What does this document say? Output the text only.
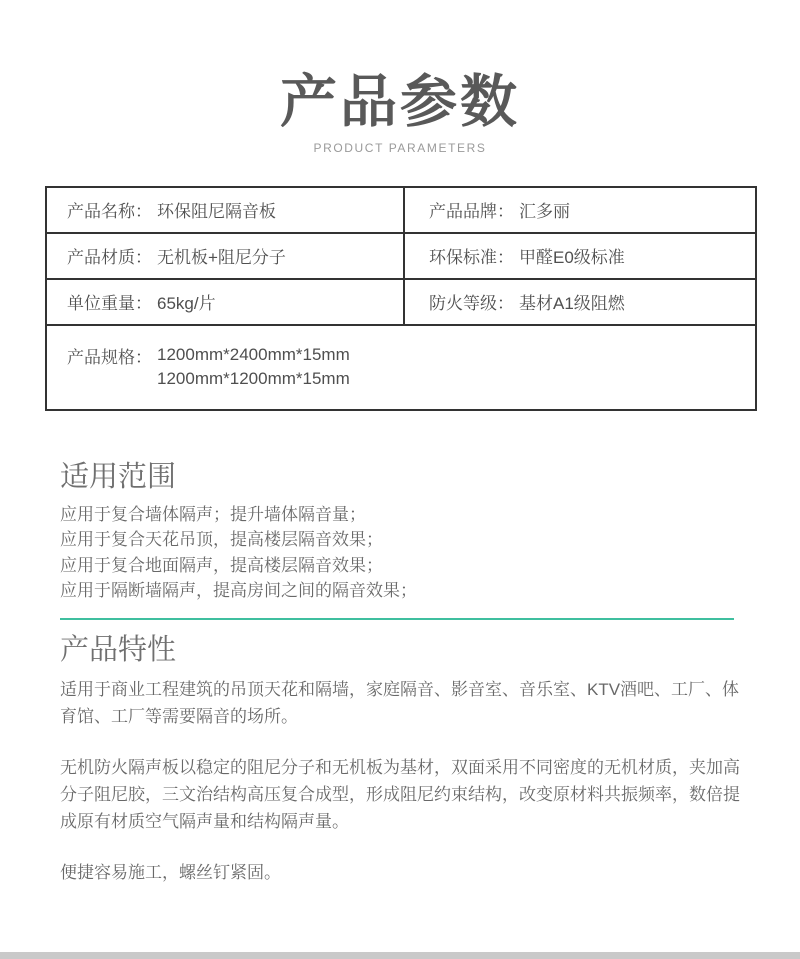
产品参数
PRODUCT PARAMETERS
产品名称： 环保阻尼隔音板	产品品牌： 汇多丽
产品材质： 无机板+阻尼分子	环保标准： 甲醛E0级标准
单位重量： 65kg/片	防火等级： 基材A1级阻燃

产品规格： 1200mm*2400mm*15mm
1200mm*1200mm*15mm	
适用范围
应用于复合墙体隔声；提升墙体隔音量；
应用于复合天花吊顶，提高楼层隔音效果；
应用于复合地面隔声，提高楼层隔音效果；
应用于隔断墙隔声，提高房间之间的隔音效果；
产品特性

适用于商业工程建筑的吊顶天花和隔墙，家庭隔音、影音室、音乐室、KTV酒吧、工厂、体育馆、工厂等需要隔音的场所。

无机防火隔声板以稳定的阻尼分子和无机板为基材，双面采用不同密度的无机材质，夹加高分子阻尼胶，三文治结构高压复合成型，形成阻尼约束结构，改变原材料共振频率，数倍提成原有材质空气隔声量和结构隔声量。

便捷容易施工，螺丝钉紧固。
